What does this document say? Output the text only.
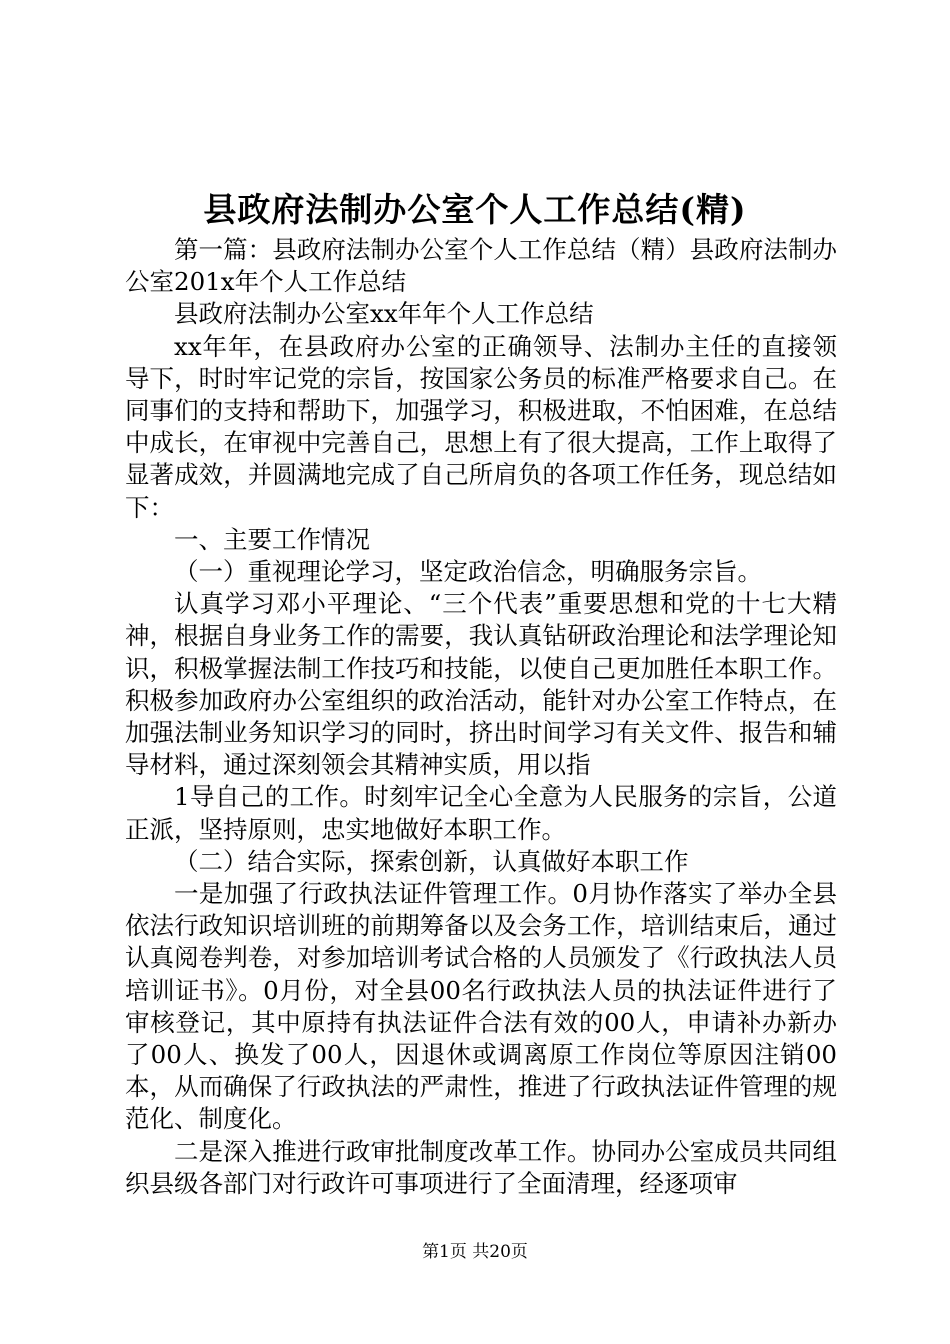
县政府法制办公室个人工作总结(精)

第一篇：县政府法制办公室个人工作总结（精）县政府法制办公室201x年个人工作总结

县政府法制办公室xx年年个人工作总结

xx年年，在县政府办公室的正确领导、法制办主任的直接领导下，时时牢记党的宗旨，按国家公务员的标准严格要求自己。在同事们的支持和帮助下，加强学习，积极进取，不怕困难，在总结中成长，在审视中完善自己，思想上有了很大提高，工作上取得了显著成效，并圆满地完成了自己所肩负的各项工作任务，现总结如下：

一、主要工作情况

（一）重视理论学习，坚定政治信念，明确服务宗旨。

认真学习邓小平理论、“三个代表”重要思想和党的十七大精神，根据自身业务工作的需要，我认真钻研政治理论和法学理论知识，积极掌握法制工作技巧和技能，以使自己更加胜任本职工作。积极参加政府办公室组织的政治活动，能针对办公室工作特点，在加强法制业务知识学习的同时，挤出时间学习有关文件、报告和辅导材料，通过深刻领会其精神实质，用以指

1导自己的工作。时刻牢记全心全意为人民服务的宗旨，公道正派，坚持原则，忠实地做好本职工作。

（二）结合实际，探索创新，认真做好本职工作

一是加强了行政执法证件管理工作。0月协作落实了举办全县依法行政知识培训班的前期筹备以及会务工作，培训结束后，通过认真阅卷判卷，对参加培训考试合格的人员颁发了《行政执法人员培训证书》。0月份，对全县00名行政执法人员的执法证件进行了审核登记，其中原持有执法证件合法有效的00人，申请补办新办了00人、换发了00人，因退休或调离原工作岗位等原因注销00本，从而确保了行政执法的严肃性，推进了行政执法证件管理的规范化、制度化。

二是深入推进行政审批制度改革工作。协同办公室成员共同组织县级各部门对行政许可事项进行了全面清理，经逐项审

第1页 共20页
